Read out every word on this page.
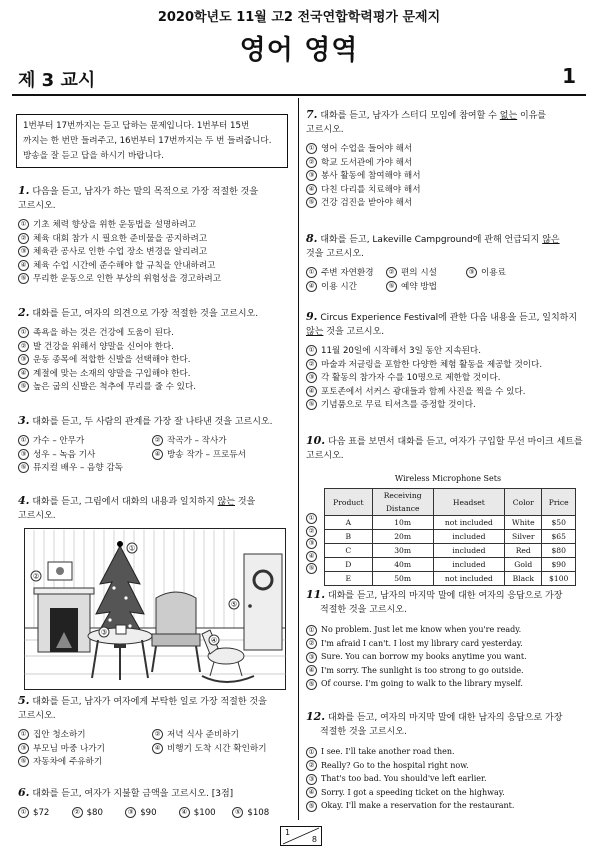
2020학년도 11월 고2 전국연합학력평가 문제지
영어 영역
제 3 교시	1
1번부터 17번까지는 듣고 답하는 문제입니다. 1번부터 15번
까지는 한 번만 들려주고, 16번부터 17번까지는 두 번 들려줍니다.
방송을 잘 듣고 답을 하시기 바랍니다.
1. 다음을 듣고, 남자가 하는 말의 목적으로 가장 적절한 것을
고르시오.
① 기초 체력 향상을 위한 운동법을 설명하려고
② 체육 대회 참가 시 필요한 준비물을 공지하려고
③ 체육관 공사로 인한 수업 장소 변경을 알리려고
④ 체육 수업 시간에 준수해야 할 규칙을 안내하려고
⑤ 무리한 운동으로 인한 부상의 위험성을 경고하려고
2. 대화를 듣고, 여자의 의견으로 가장 적절한 것을 고르시오.
① 족욕을 하는 것은 건강에 도움이 된다.
② 발 건강을 위해서 양말을 신어야 한다.
③ 운동 종목에 적합한 신발을 선택해야 한다.
④ 계절에 맞는 소재의 양말을 구입해야 한다.
⑤ 높은 굽의 신발은 척추에 무리를 줄 수 있다.
3. 대화를 듣고, 두 사람의 관계를 가장 잘 나타낸 것을 고르시오.
① 가수 – 안무가	② 작곡가 – 작사가
③ 성우 – 녹음 기사	④ 방송 작가 – 프로듀서
⑤ 뮤지컬 배우 – 음향 감독
4. 대화를 듣고, 그림에서 대화의 내용과 일치하지 않는 것을
고르시오.
②
①
③
⑤
④
5. 대화를 듣고, 남자가 여자에게 부탁한 일로 가장 적절한 것을
고르시오.
① 집안 청소하기	② 저녁 식사 준비하기
③ 부모님 마중 나가기	④ 비행기 도착 시간 확인하기
⑤ 자동차에 주유하기
6. 대화를 듣고, 여자가 지불할 금액을 고르시오. [3점]
① $72	② $80	③ $90	④ $100	⑤ $108
7. 대화를 듣고, 남자가 스터디 모임에 참여할 수 없는 이유를
고르시오.
① 영어 수업을 들어야 해서
② 학교 도서관에 가야 해서
③ 봉사 활동에 참여해야 해서
④ 다친 다리를 치료해야 해서
⑤ 건강 검진을 받아야 해서
8. 대화를 듣고, Lakeville Campground에 관해 언급되지 않은
것을 고르시오.
① 주변 자연환경	② 편의 시설	③ 이용료
④ 이용 시간	⑤ 예약 방법
9. Circus Experience Festival에 관한 다음 내용을 듣고, 일치하지
않는 것을 고르시오.
① 11월 20일에 시작해서 3일 동안 지속된다.
② 마술과 저글링을 포함한 다양한 체험 활동을 제공할 것이다.
③ 각 활동의 참가자 수를 10명으로 제한할 것이다.
④ 포토존에서 서커스 광대들과 함께 사진을 찍을 수 있다.
⑤ 기념품으로 무료 티셔츠를 증정할 것이다.
10. 다음 표를 보면서 대화를 듣고, 여자가 구입할 무선 마이크 세트를
고르시오.
Wireless Microphone Sets
①
②
③
④
⑤
Product	Receiving Distance	Headset	Color	Price
A	10m	not included	White	$50
B	20m	included	Silver	$65
C	30m	included	Red	$80
D	40m	included	Gold	$90
E	50m	not included	Black	$100
11. 대화를 듣고, 남자의 마지막 말에 대한 여자의 응답으로 가장
적절한 것을 고르시오.
① No problem. Just let me know when you're ready.
② I'm afraid I can't. I lost my library card yesterday.
③ Sure. You can borrow my books anytime you want.
④ I'm sorry. The sunlight is too strong to go outside.
⑤ Of course. I'm going to walk to the library myself.
12. 대화를 듣고, 여자의 마지막 말에 대한 남자의 응답으로 가장
적절한 것을 고르시오.
① I see. I'll take another road then.
② Really? Go to the hospital right now.
③ That's too bad. You should've left earlier.
④ Sorry. I got a speeding ticket on the highway.
⑤ Okay. I'll make a reservation for the restaurant.
1
8
